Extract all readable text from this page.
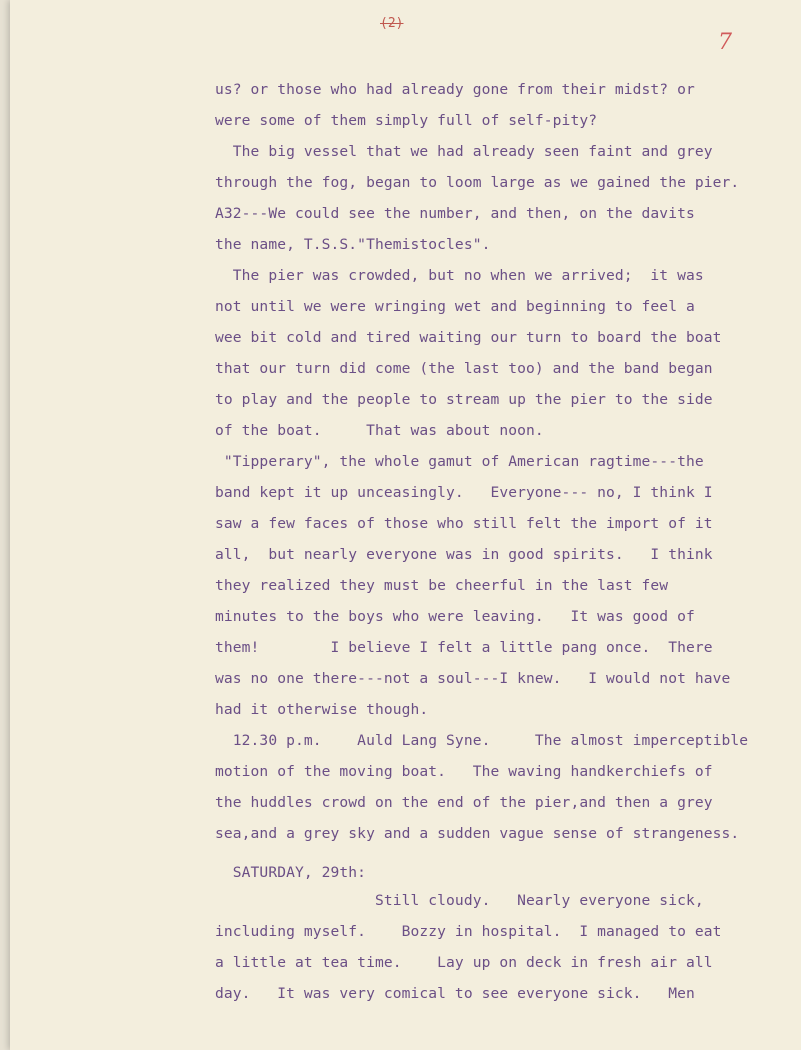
(2)
7
us? or those who had already gone from their midst? or
were some of them simply full of self-pity?
The big vessel that we had already seen faint and grey
through the fog, began to loom large as we gained the pier.
A32---We could see the number, and then, on the davits
the name, T.S.S."Themistocles".
The pier was crowded, but no when we arrived;  it was
not until we were wringing wet and beginning to feel a
wee bit cold and tired waiting our turn to board the boat
that our turn did come (the last too) and the band began
to play and the people to stream up the pier to the side
of the boat.     That was about noon.
"Tipperary", the whole gamut of American ragtime---the
band kept it up unceasingly.   Everyone--- no, I think I
saw a few faces of those who still felt the import of it
all,  but nearly everyone was in good spirits.   I think
they realized they must be cheerful in the last few
minutes to the boys who were leaving.   It was good of
them!        I believe I felt a little pang once.  There
was no one there---not a soul---I knew.   I would not have
had it otherwise though.
12.30 p.m.    Auld Lang Syne.     The almost imperceptible
motion of the moving boat.   The waving handkerchiefs of
the huddles crowd on the end of the pier,and then a grey
sea,and a grey sky and a sudden vague sense of strangeness.
SATURDAY, 29th:
Still cloudy.   Nearly everyone sick,
including myself.    Bozzy in hospital.  I managed to eat
a little at tea time.    Lay up on deck in fresh air all
day.   It was very comical to see everyone sick.   Men
